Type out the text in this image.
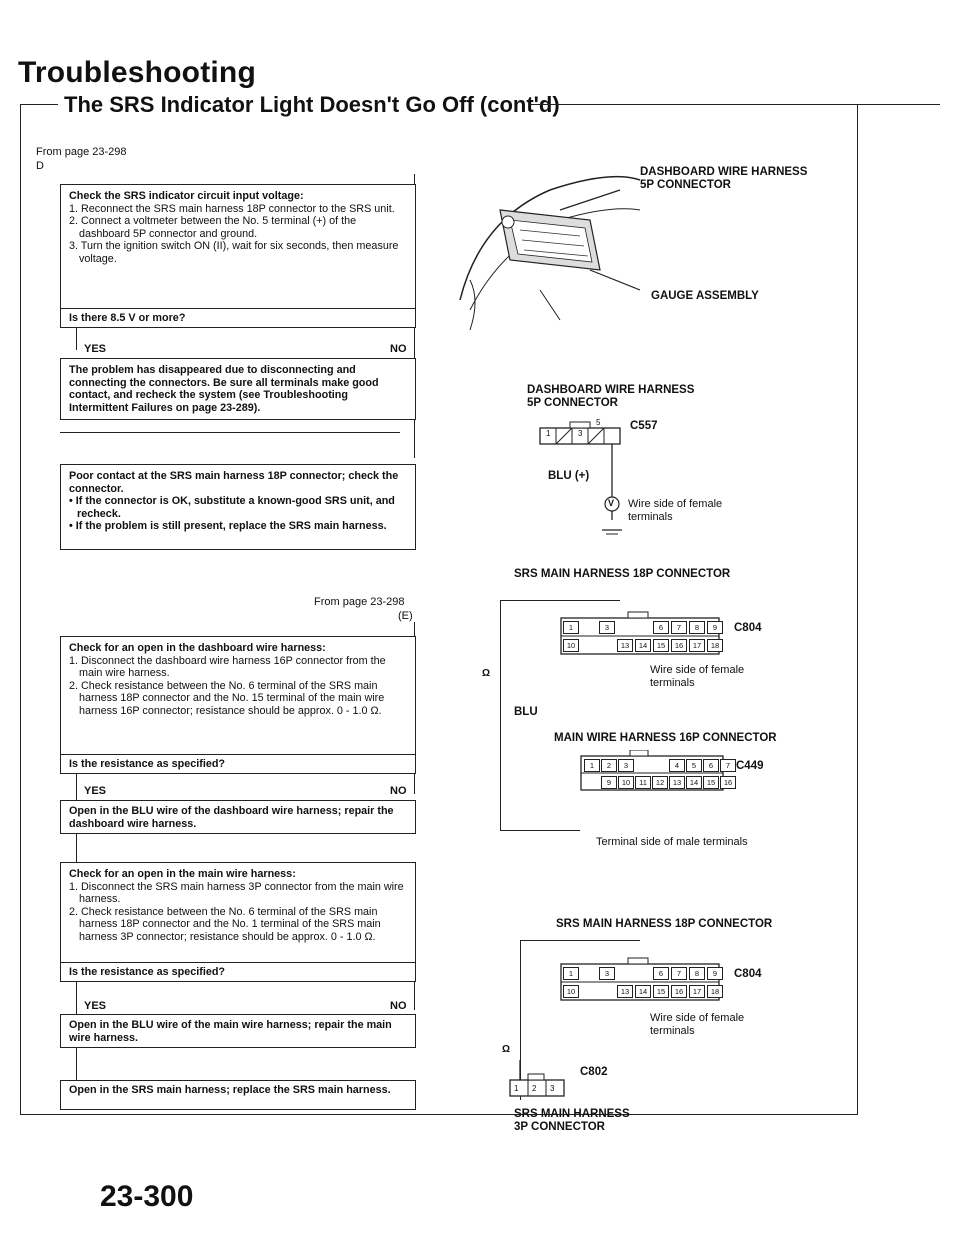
Troubleshooting
The SRS Indicator Light Doesn't Go Off (cont'd)
From page 23-298
D
Check the SRS indicator circuit input voltage:
1. Reconnect the SRS main harness 18P connector to the SRS unit.
2. Connect a voltmeter between the No. 5 terminal (+) of the dashboard 5P connector and ground.
3. Turn the ignition switch ON (II), wait for six seconds, then measure voltage.
Is there 8.5 V or more?
YES	NO
The problem has disappeared due to disconnecting and connecting the connectors. Be sure all terminals make good contact, and recheck the system (see Troubleshooting Intermittent Failures on page 23-289).
Poor contact at the SRS main harness 18P connector; check the connector.
• If the connector is OK, substitute a known-good SRS unit, and recheck.
• If the problem is still present, replace the SRS main harness.
From page 23-298
(E)
Check for an open in the dashboard wire harness:
1. Disconnect the dashboard wire harness 16P connector from the main wire harness.
2. Check resistance between the No. 6 terminal of the SRS main harness 18P connector and the No. 15 terminal of the main wire harness 16P connector; resistance should be approx. 0 - 1.0 Ω.
Is the resistance as specified?
YES	NO
Open in the BLU wire of the dashboard wire harness; repair the dashboard wire harness.
Check for an open in the main wire harness:
1. Disconnect the SRS main harness 3P connector from the main wire harness.
2. Check resistance between the No. 6 terminal of the SRS main harness 18P connector and the No. 1 terminal of the SRS main harness 3P connector; resistance should be approx. 0 - 1.0 Ω.
Is the resistance as specified?
YES	NO
Open in the BLU wire of the main wire harness; repair the main wire harness.
Open in the SRS main harness; replace the SRS main harness.
DASHBOARD WIRE HARNESS
5P CONNECTOR
GAUGE ASSEMBLY
DASHBOARD WIRE HARNESS
5P CONNECTOR
1	3
5	C557
BLU (+)
V Wire side of female
terminals
SRS MAIN HARNESS 18P CONNECTOR
1	3	6	7	8	9
10	13	14	15	16	17	18
C804
Wire side of female
terminals
Ω
BLU
MAIN WIRE HARNESS 16P CONNECTOR
1	2	3	4	5	6	7
9	10	11	12	13	14	15	16
C449
Terminal side of male terminals
SRS MAIN HARNESS 18P CONNECTOR
1	3	6	7	8	9
10	13	14	15	16	17	18
C804
Wire side of female
terminals
Ω
1 2 3
C802
SRS MAIN HARNESS
3P CONNECTOR
23-300
